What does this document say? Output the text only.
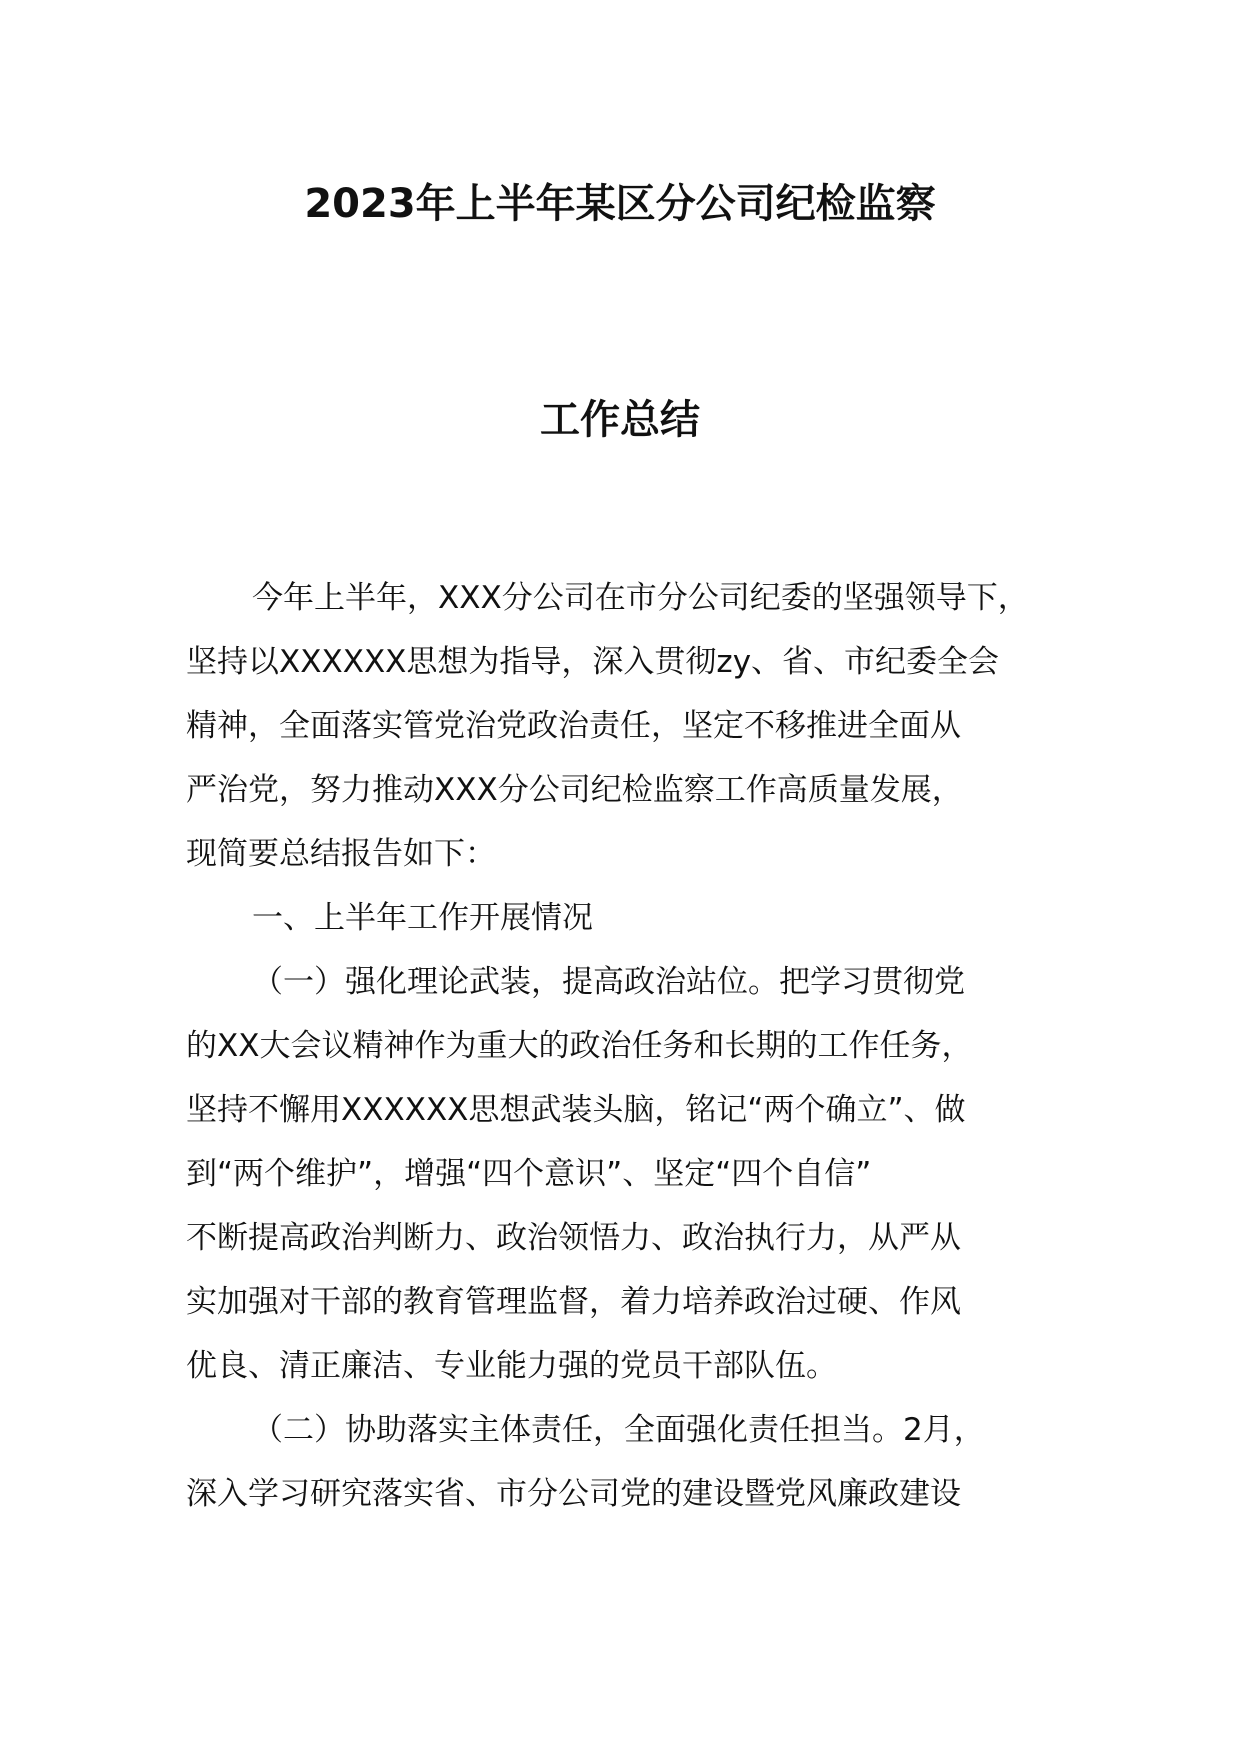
2023年上半年某区分公司纪检监察
工作总结
今年上半年，XXX分公司在市分公司纪委的坚强领导下，
坚持以XXXXXX思想为指导，深入贯彻zy、省、市纪委全会
精神，全面落实管党治党政治责任，坚定不移推进全面从
严治党，努力推动XXX分公司纪检监察工作高质量发展，
现简要总结报告如下：
一、上半年工作开展情况
（一）强化理论武装，提高政治站位。把学习贯彻党
的XX大会议精神作为重大的政治任务和长期的工作任务，
坚持不懈用XXXXXX思想武装头脑，铭记“两个确立”、做
到“两个维护”，增强“四个意识”、坚定“四个自信”
不断提高政治判断力、政治领悟力、政治执行力，从严从
实加强对干部的教育管理监督，着力培养政治过硬、作风
优良、清正廉洁、专业能力强的党员干部队伍。
（二）协助落实主体责任，全面强化责任担当。2月，
深入学习研究落实省、市分公司党的建设暨党风廉政建设
